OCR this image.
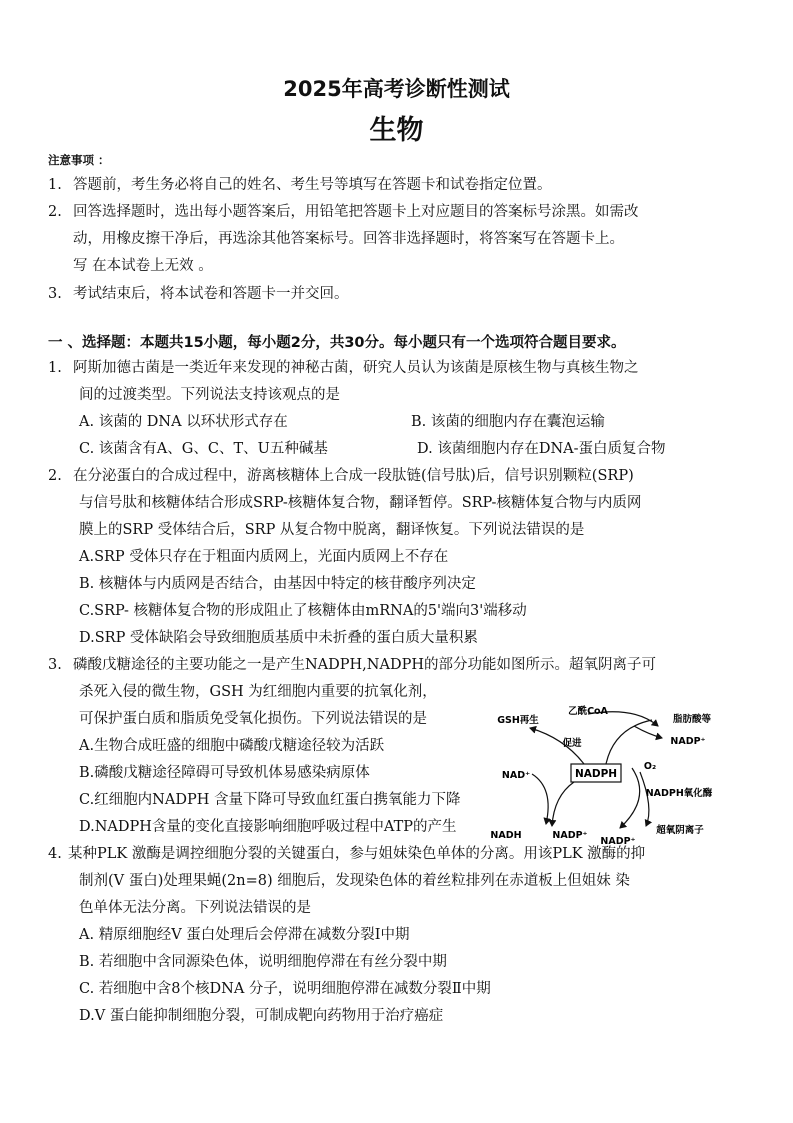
2025年高考诊断性测试
生物
注意事项 ：
1. 答题前，考生务必将自己的姓名、考生号等填写在答题卡和试卷指定位置。
2. 回答选择题时，选出每小题答案后，用铅笔把答题卡上对应题目的答案标号涂黑。如需改
动，用橡皮擦干净后，再选涂其他答案标号。回答非选择题时，将答案写在答题卡上。
写 在本试卷上无效 。
3. 考试结束后，将本试卷和答题卡一并交回。
一 、选择题：本题共15小题，每小题2分，共30分。每小题只有一个选项符合题目要求。
1. 阿斯加德古菌是一类近年来发现的神秘古菌，研究人员认为该菌是原核生物与真核生物之
间的过渡类型。下列说法支持该观点的是
A. 该菌的 DNA 以环状形式存在	B. 该菌的细胞内存在囊泡运输
C. 该菌含有A、G、C、T、U五种碱基	D. 该菌细胞内存在DNA-蛋白质复合物
2. 在分泌蛋白的合成过程中，游离核糖体上合成一段肽链(信号肽)后，信号识别颗粒(SRP)
与信号肽和核糖体结合形成SRP-核糖体复合物，翻译暂停。SRP-核糖体复合物与内质网
膜上的SRP 受体结合后，SRP 从复合物中脱离，翻译恢复。下列说法错误的是
A.SRP 受体只存在于粗面内质网上，光面内质网上不存在
B. 核糖体与内质网是否结合，由基因中特定的核苷酸序列决定
C.SRP- 核糖体复合物的形成阻止了核糖体由mRNA的5'端向3'端移动
D.SRP 受体缺陷会导致细胞质基质中未折叠的蛋白质大量积累
3. 磷酸戊糖途径的主要功能之一是产生NADPH,NADPH的部分功能如图所示。超氧阴离子可
杀死入侵的微生物，GSH 为红细胞内重要的抗氧化剂，
可保护蛋白质和脂质免受氧化损伤。下列说法错误的是
A.生物合成旺盛的细胞中磷酸戊糖途径较为活跃
B.磷酸戊糖途径障碍可导致机体易感染病原体
C.红细胞内NADPH 含量下降可导致血红蛋白携氧能力下降
D.NADPH含量的变化直接影响细胞呼吸过程中ATP的产生
NADPH
GSH再生
乙酰CoA
脂肪酸等
NADP⁺
促进
O₂
NAD⁺
NADPH氧化酶
NADH	NADP⁺
NADP⁺
超氧阴离子
4. 某种PLK 激酶是调控细胞分裂的关键蛋白，参与姐妹染色单体的分离。用该PLK 激酶的抑
制剂(V 蛋白)处理果蝇(2n=8) 细胞后，发现染色体的着丝粒排列在赤道板上但姐妹 染
色单体无法分离。下列说法错误的是
A. 精原细胞经V 蛋白处理后会停滞在减数分裂I中期
B. 若细胞中含同源染色体，说明细胞停滞在有丝分裂中期
C. 若细胞中含8个核DNA 分子，说明细胞停滞在减数分裂Ⅱ中期
D.V 蛋白能抑制细胞分裂，可制成靶向药物用于治疗癌症
